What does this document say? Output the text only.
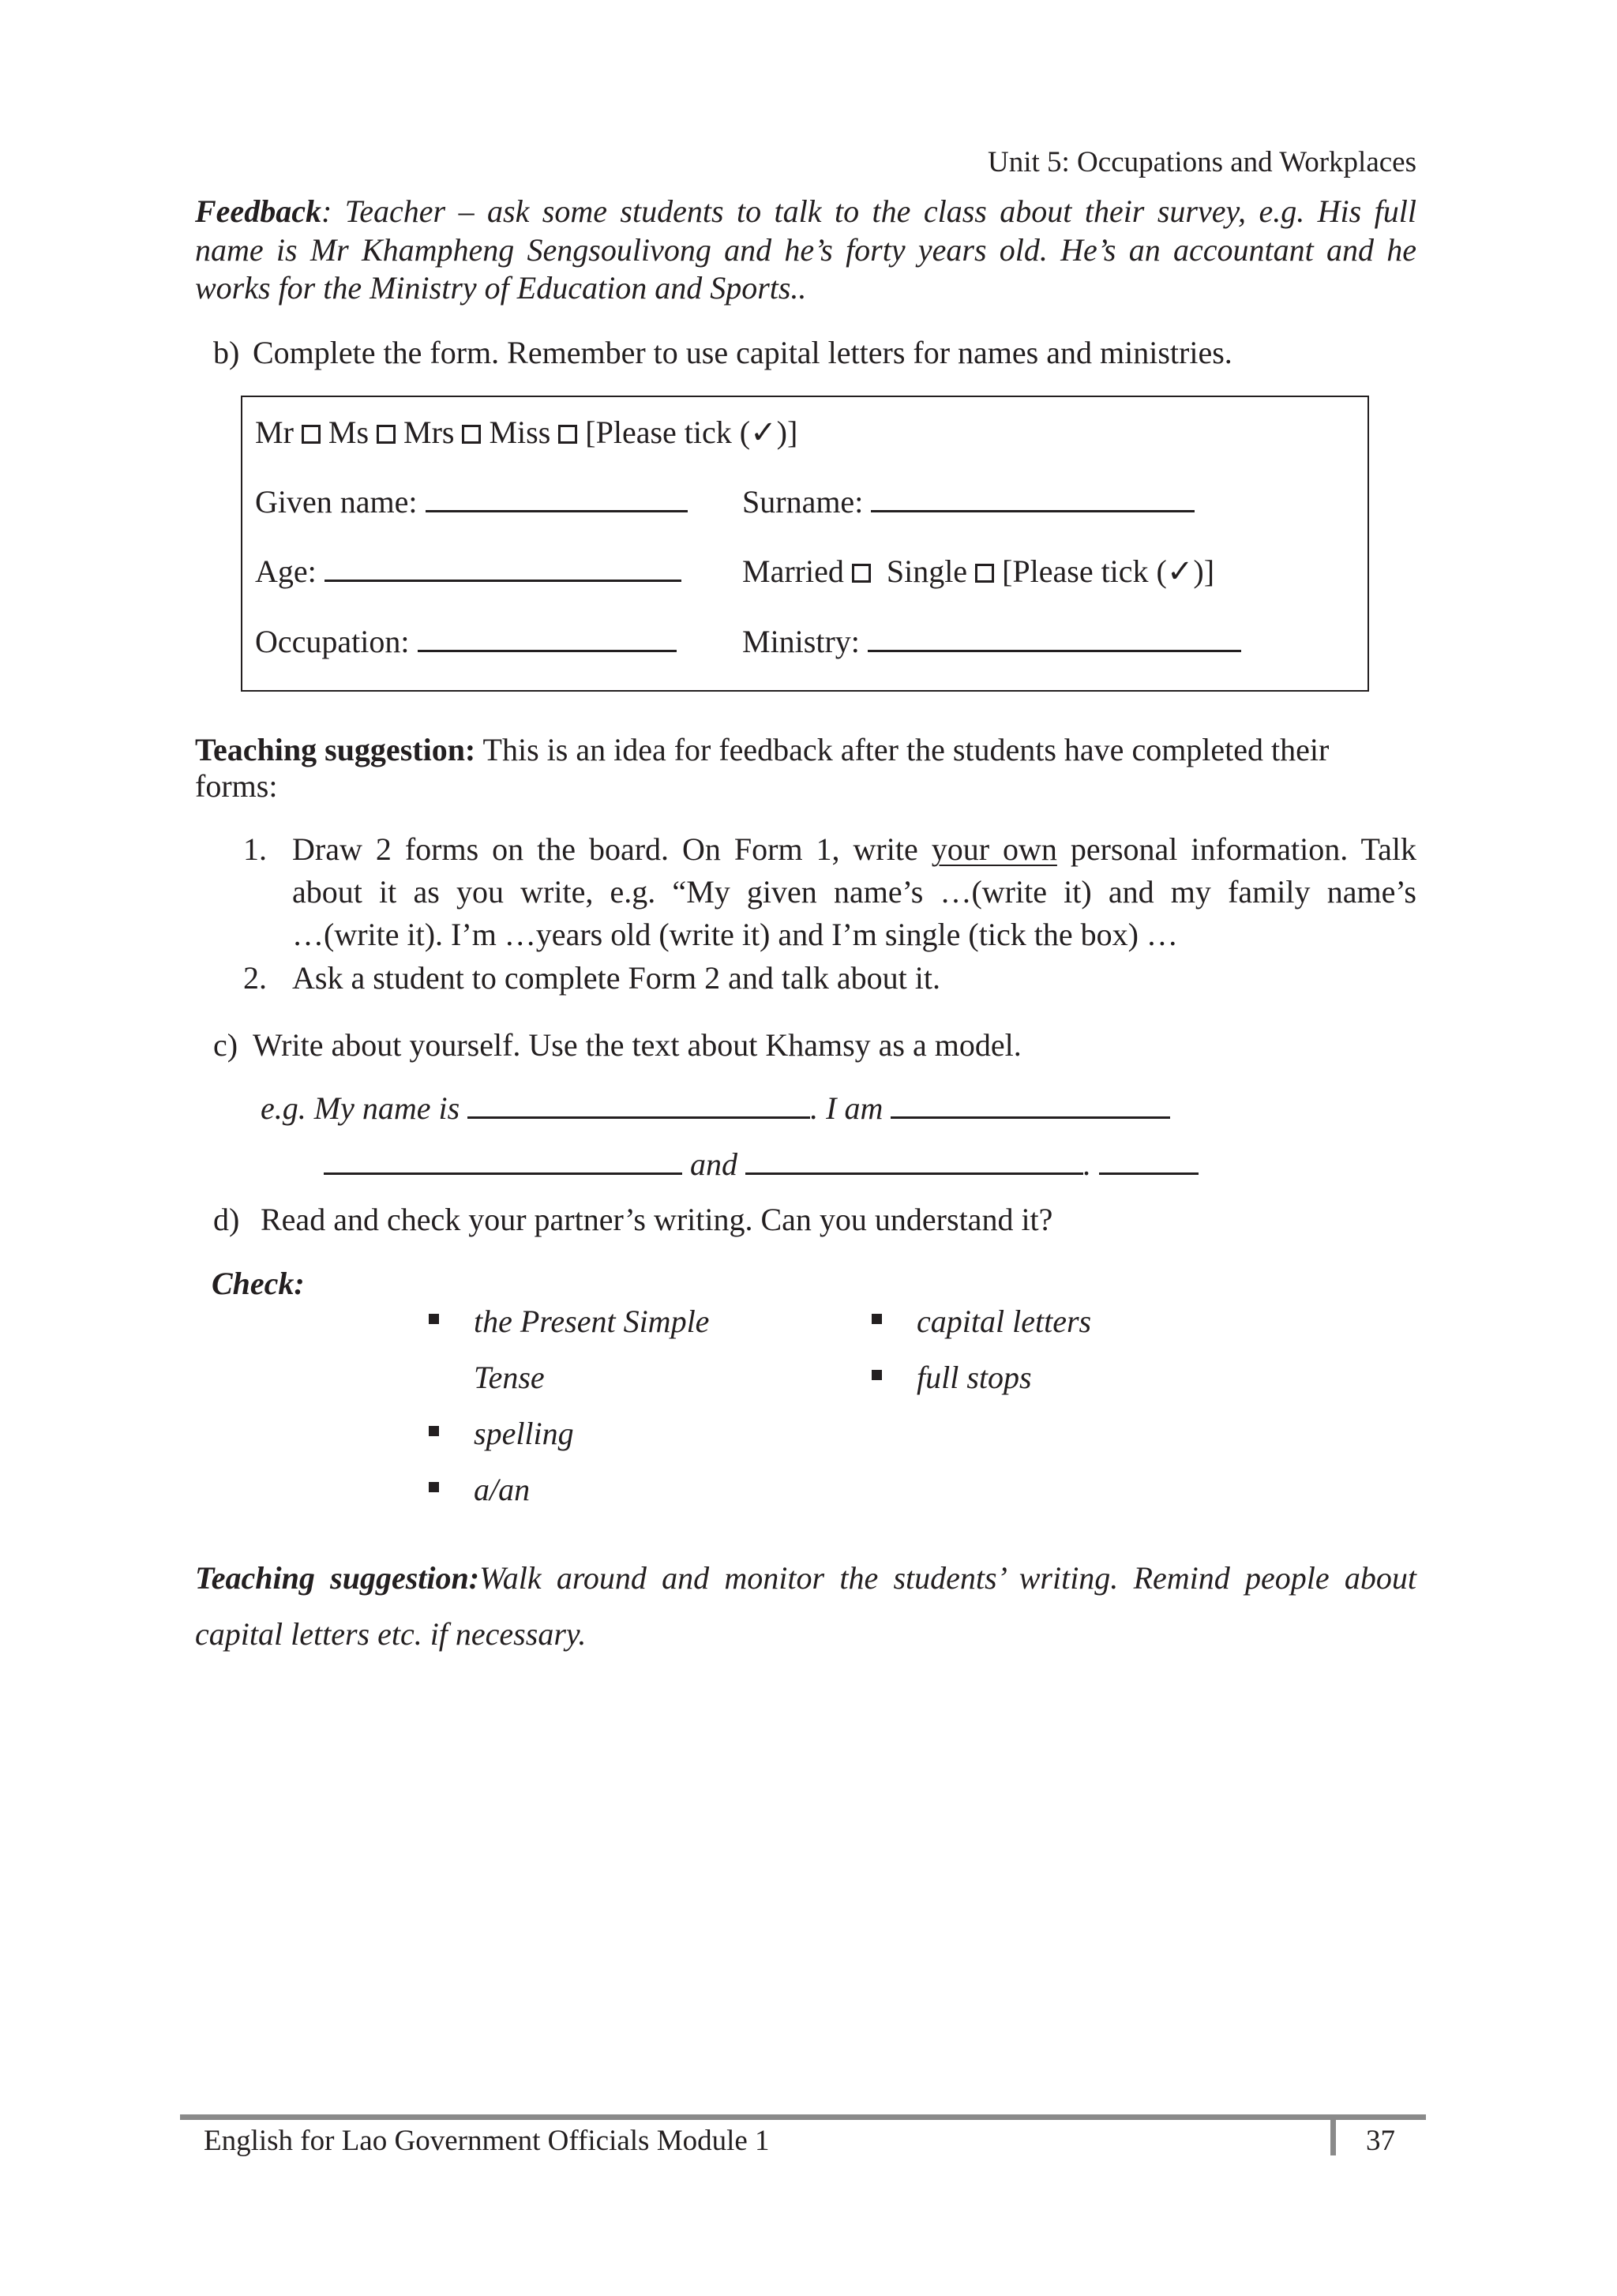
Unit 5: Occupations and Workplaces
Feedback: Teacher – ask some students to talk to the class about their survey, e.g. His full
name is Mr Khampheng Sengsoulivong and he’s forty years old. He’s an accountant and he
works for the Ministry of Education and Sports..
b) Complete the form. Remember to use capital letters for names and ministries.
Mr Ms Mrs Miss [Please tick (✓)]
Given name:	Surname:
Age:	Married Single [Please tick (✓)]
Occupation:	Ministry:
Teaching suggestion: This is an idea for feedback after the students have completed their
forms:
1. Draw 2 forms on the board. On Form 1, write your own personal information. Talk
about it as you write, e.g. “My given name’s …(write it) and my family name’s
…(write it). I’m …years old (write it) and I’m single (tick the box) …
2. Ask a student to complete Form 2 and talk about it.
c) Write about yourself. Use the text about Khamsy as a model.
e.g. My name is	. I am
and	.
d) Read and check your partner’s writing. Can you understand it?
Check:
the Present Simple
Tense
spelling
a/an
capital letters
full stops
Teaching suggestion:Walk around and monitor the students’ writing. Remind people about
capital letters etc. if necessary.
English for Lao Government Officials Module 1	37
